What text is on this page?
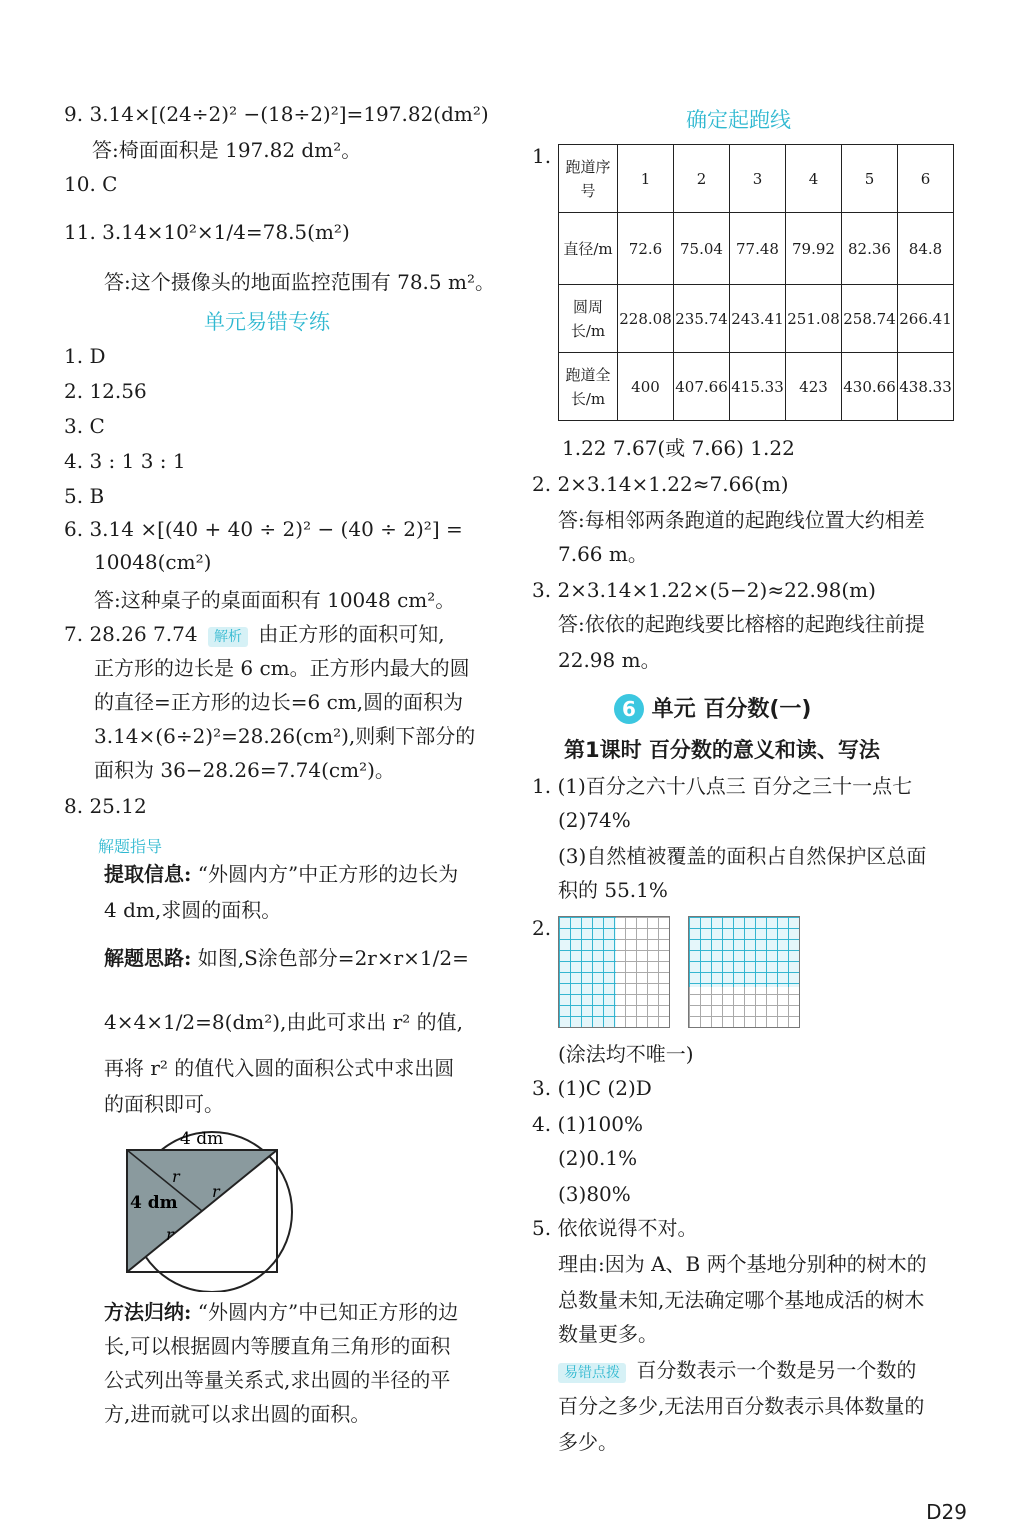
9. 3.14×[(24÷2)² −(18÷2)²]=197.82(dm²)
答:椅面面积是 197.82 dm²。
10. C
11. 3.14×10²×1/4=78.5(m²)
答:这个摄像头的地面监控范围有 78.5 m²。
单元易错专练
1. D
2. 12.56
3. C
4. 3 : 1 3 : 1
5. B
6. 3.14 ×[(40 + 40 ÷ 2)² − (40 ÷ 2)²] =
10048(cm²)
答:这种桌子的桌面面积有 10048 cm²。
7. 28.26 7.74 解析 由正方形的面积可知,
正方形的边长是 6 cm。正方形内最大的圆
的直径=正方形的边长=6 cm,圆的面积为
3.14×(6÷2)²=28.26(cm²),则剩下部分的
面积为 36−28.26=7.74(cm²)。
8. 25.12
解题指导
提取信息: “外圆内方”中正方形的边长为
4 dm,求圆的面积。
解题思路: 如图,S涂色部分=2r×r×1/2=
4×4×1/2=8(dm²),由此可求出 r² 的值,
再将 r² 的值代入圆的面积公式中求出圆
的面积即可。
4 dm
4 dm
r
r
r
方法归纳: “外圆内方”中已知正方形的边
长,可以根据圆内等腰直角三角形的面积
公式列出等量关系式,求出圆的半径的平
方,进而就可以求出圆的面积。
确定起跑线
1. 跑道序号	1	2	3	4	5	6
直径/m	72.6	75.04	77.48	79.92	82.36	84.8
圆周长/m	228.08	235.74	243.41	251.08	258.74	266.41
跑道全长/m	400	407.66	415.33	423	430.66	438.33
1.22 7.67(或 7.66) 1.22
2. 2×3.14×1.22≈7.66(m)
答:每相邻两条跑道的起跑线位置大约相差
7.66 m。
3. 2×3.14×1.22×(5−2)≈22.98(m)
答:依依的起跑线要比榕榕的起跑线往前提
22.98 m。
6 单元 百分数(一)
第1课时 百分数的意义和读、写法
1. (1)百分之六十八点三 百分之三十一点七
(2)74%
(3)自然植被覆盖的面积占自然保护区总面
积的 55.1%
2.
(涂法均不唯一)
3. (1)C (2)D
4. (1)100%
(2)0.1%
(3)80%
5. 依依说得不对。
理由:因为 A、B 两个基地分别种的树木的
总数量未知,无法确定哪个基地成活的树木
数量更多。
易错点拨 百分数表示一个数是另一个数的
百分之多少,无法用百分数表示具体数量的
多少。
D29
